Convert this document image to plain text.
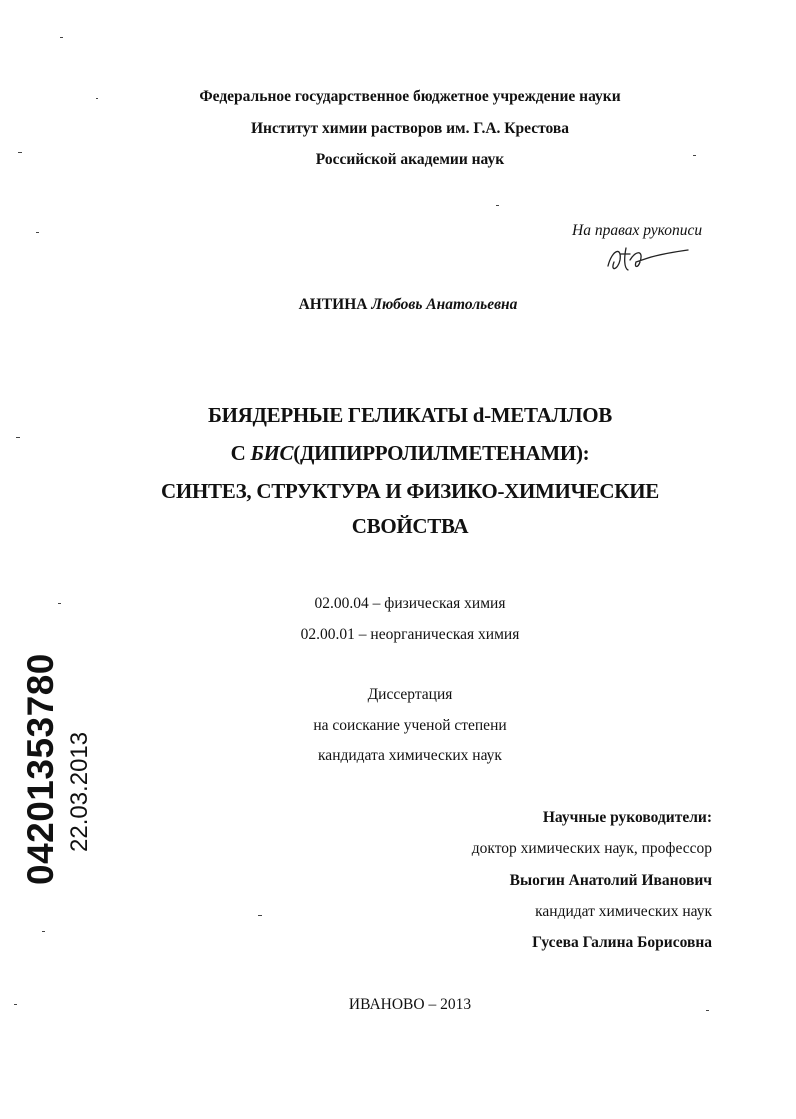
Федеральное государственное бюджетное учреждение науки
Институт химии растворов им. Г.А. Крестова
Российской академии наук
На правах рукописи
АНТИНА Любовь Анатольевна
БИЯДЕРНЫЕ ГЕЛИКАТЫ d-МЕТАЛЛОВ
С БИС(ДИПИРРОЛИЛМЕТЕНАМИ):
СИНТЕЗ, СТРУКТУРА И ФИЗИКО-ХИМИЧЕСКИЕ
СВОЙСТВА
02.00.04 – физическая химия
02.00.01 – неорганическая химия
Диссертация
на соискание ученой степени
кандидата химических наук
Научные руководители:
доктор химических наук, профессор
Выогин Анатолий Иванович
кандидат химических наук
Гусева Галина Борисовна
ИВАНОВО – 2013
04201353780 22.03.2013
